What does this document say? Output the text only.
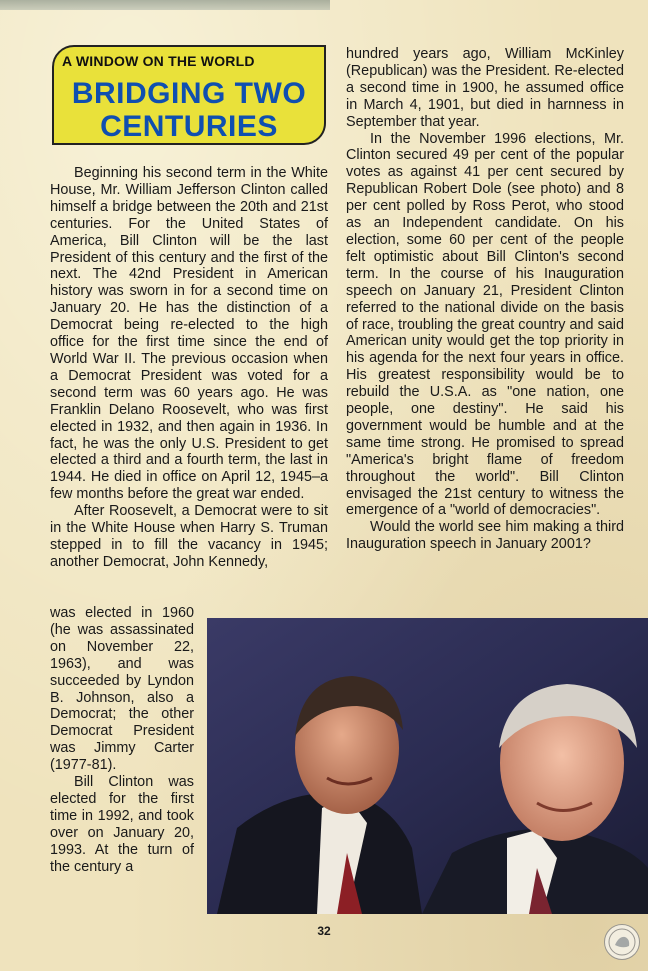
A WINDOW ON THE WORLD
BRIDGING TWO
CENTURIES

Beginning his second term in the White House, Mr. William Jefferson Clinton called himself a bridge between the 20th and 21st centuries. For the United States of America, Bill Clinton will be the last President of this century and the first of the next. The 42nd President in American history was sworn in for a second time on January 20. He has the distinction of a Democrat being re-elected to the high office for the first time since the end of World War II. The previous occasion when a Democrat President was voted for a second term was 60 years ago. He was Franklin Delano Roosevelt, who was first elected in 1932, and then again in 1936. In fact, he was the only U.S. President to get elected a third and a fourth term, the last in 1944. He died in office on April 12, 1945–a few months before the great war ended.

After Roosevelt, a Democrat were to sit in the White House when Harry S. Truman stepped in to fill the vacancy in 1945; another Democrat, John Kennedy,

was elected in 1960 (he was assassinated on November 22, 1963), and was succeeded by Lyndon B. Johnson, also a Democrat; the other Democrat President was Jimmy Carter (1977-81).

Bill Clinton was elected for the first time in 1992, and took over on January 20, 1993. At the turn of the century a

hundred years ago, William McKinley (Republican) was the President. Re-elected a second time in 1900, he assumed office in March 4, 1901, but died in harnness in September that year.

In the November 1996 elections, Mr. Clinton secured 49 per cent of the popular votes as against 41 per cent secured by Republican Robert Dole (see photo) and 8 per cent polled by Ross Perot, who stood as an Independent candidate. On his election, some 60 per cent of the people felt optimistic about Bill Clinton's second term. In the course of his Inauguration speech on January 21, President Clinton referred to the national divide on the basis of race, troubling the great country and said American unity would get the top priority in his agenda for the next four years in office. His greatest responsibility would be to rebuild the U.S.A. as "one nation, one people, one destiny". He said his government would be humble and at the same time strong. He promised to spread "America's bright flame of freedom throughout the world". Bill Clinton envisaged the 21st century to witness the emergence of a "world of democracies".

Would the world see him making a third Inauguration speech in January 2001?

32
